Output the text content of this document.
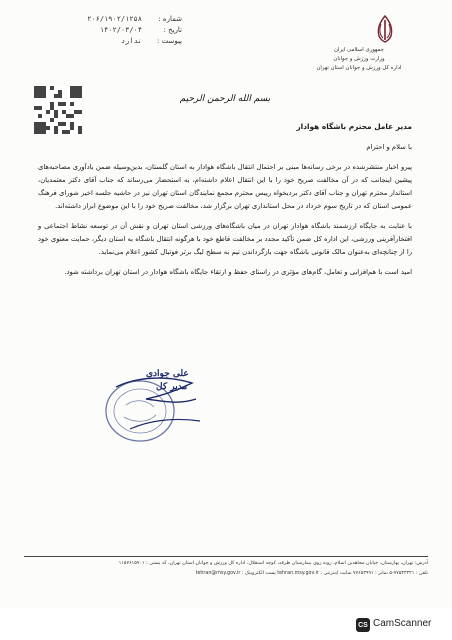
شماره :
۲۰۶/۱۹۰۲/۱۲۵۸
تاریخ :
۱۴۰۲/۰۳/۰۴
پیوست :
ندارد
جمهوری اسلامی ایران
وزارت ورزش و جوانان
اداره کل ورزش و جوانان استان تهران
بسم الله الرحمن الرحیم
مدیر عامل محترم باشگاه هوادار
با سلام و احترام

پیرو اخبار منتشرشده در برخی رسانه‌ها مبنی بر احتمال انتقال باشگاه هوادار به استان گلستان، بدین‌وسیله ضمن یادآوری مصاحبه‌های پیشین اینجانب که در آن مخالفت صریح خود را با این انتقال اعلام داشته‌ام، به استحضار می‌رساند که جناب آقای دکتر معتمدیان، استاندار محترم تهران و جناب آقای دکتر بردیخواه رییس محترم مجمع نمایندگان استان تهران نیز در حاشیه جلسه اخیر شورای فرهنگ عمومی استان که در تاریخ سوم خرداد در محل استانداری تهران برگزار شد، مخالفت صریح خود را با این موضوع ابراز داشته‌اند.

با عنایت به جایگاه ارزشمند باشگاه هوادار تهران در میان باشگاه‌های ورزشی استان تهران و نقش آن در توسعه نشاط اجتماعی و افتخارآفرینی ورزشی، این اداره کل ضمن تأکید مجدد بر مخالفت قاطع خود با هرگونه انتقال باشگاه به استان دیگر، حمایت معنوی خود را از چنانچه‌ای به‌عنوان مالک قانونی باشگاه جهت بازگرداندن تیم به سطح لیگ برتر فوتبال کشور اعلام می‌نماید.

امید است با هم‌افزایی و تعامل، گام‌های مؤثری در راستای حفظ و ارتقاء جایگاه باشگاه هوادار در استان تهران برداشته شود.

علی جوادی
مدیر کل
آدرس: تهران، بهارستان، خیابان مجاهدین اسلام، روبه روی بیمارستان طرفه، کوچه استقلال، اداره کل ورزش و جوانان استان تهران، کد پستی : ۱۱۵۷۶۱۵۷۰۱
تلفن : ۷۷۵۳۳۳۲۱-۵ نمابر : ۷۷۶۵۳۹۹۱ سایت اینترنتی : tehran.msy.gov.ir پست الکترونیک : tehran@msy.gov.ir
CS CamScanner
